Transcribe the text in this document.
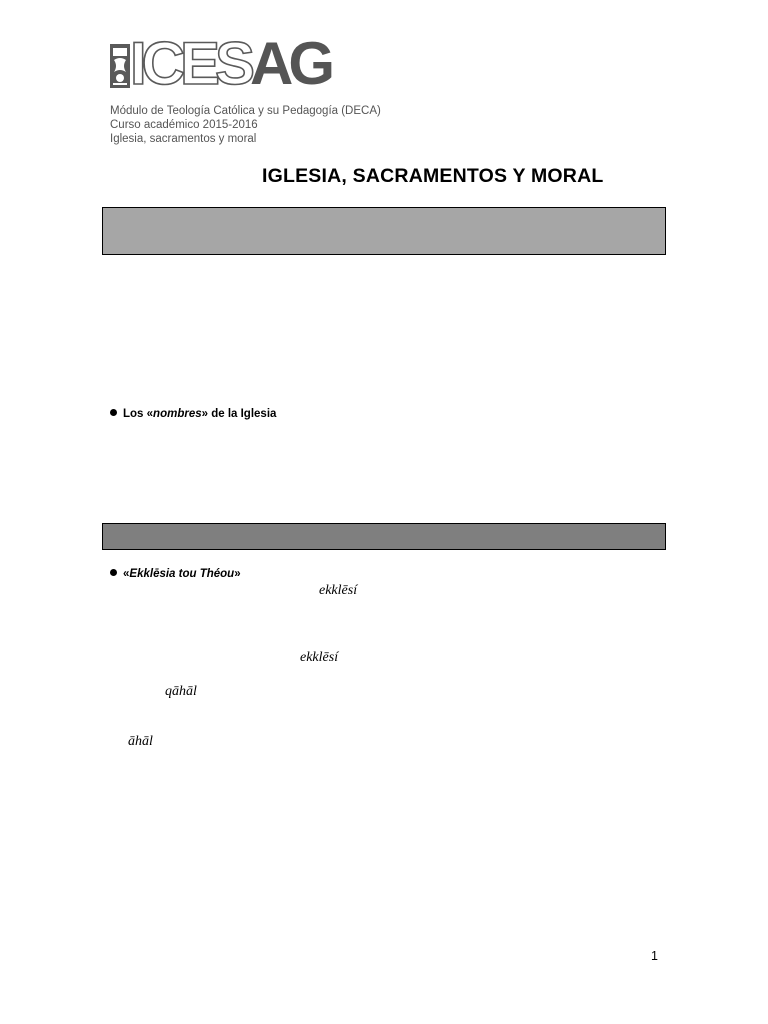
ICESAG
Módulo de Teología Católica y su Pedagogía (DECA)
Curso académico 2015-2016
Iglesia, sacramentos y moral
IGLESIA, SACRAMENTOS Y MORAL
Los «nombres» de la Iglesia
«Ekklēsia tou Théou»
ekklēsí
ekklēsí
qāhāl
āhāl
1
